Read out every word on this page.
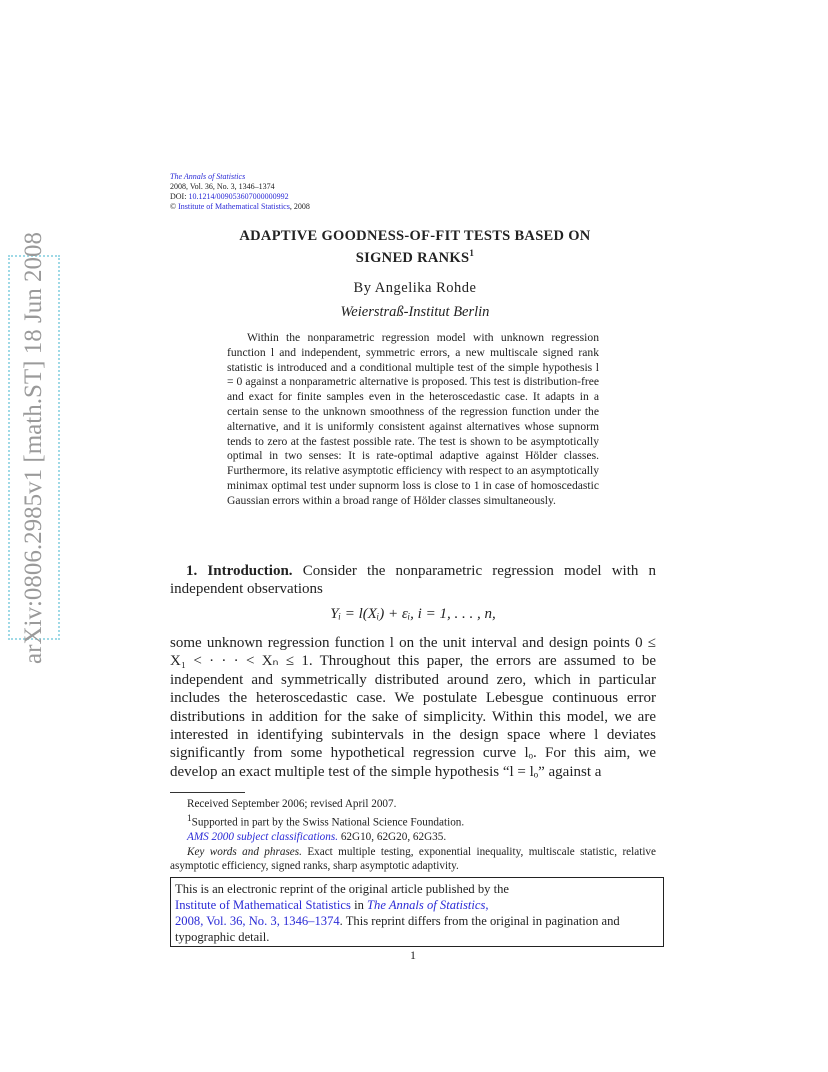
arXiv:0806.2985v1 [math.ST] 18 Jun 2008
The Annals of Statistics
2008, Vol. 36, No. 3, 1346–1374
DOI: 10.1214/009053607000000992
© Institute of Mathematical Statistics, 2008
ADAPTIVE GOODNESS-OF-FIT TESTS BASED ON
SIGNED RANKS$^1$
By Angelika Rohde
Weierstraß-Institut Berlin
Within the nonparametric regression model with unknown regression function l and independent, symmetric errors, a new multiscale signed rank statistic is introduced and a conditional multiple test of the simple hypothesis l = 0 against a nonparametric alternative is proposed. This test is distribution-free and exact for finite samples even in the heteroscedastic case. It adapts in a certain sense to the unknown smoothness of the regression function under the alternative, and it is uniformly consistent against alternatives whose supnorm tends to zero at the fastest possible rate. The test is shown to be asymptotically optimal in two senses: It is rate-optimal adaptive against Hölder classes. Furthermore, its relative asymptotic efficiency with respect to an asymptotically minimax optimal test under supnorm loss is close to 1 in case of homoscedastic Gaussian errors within a broad range of Hölder classes simultaneously.
1. Introduction. Consider the nonparametric regression model with n independent observations
Yᵢ = l(Xᵢ) + εᵢ, i = 1, . . . , n,
some unknown regression function l on the unit interval and design points 0 ≤ X₁ < · · · < Xₙ ≤ 1. Throughout this paper, the errors are assumed to be independent and symmetrically distributed around zero, which in particular includes the heteroscedastic case. We postulate Lebesgue continuous error distributions in addition for the sake of simplicity. Within this model, we are interested in identifying subintervals in the design space where l deviates significantly from some hypothetical regression curve lₒ. For this aim, we develop an exact multiple test of the simple hypothesis “l = lₒ” against a
Received September 2006; revised April 2007.
$^1$Supported in part by the Swiss National Science Foundation.
AMS 2000 subject classifications. 62G10, 62G20, 62G35.
Key words and phrases. Exact multiple testing, exponential inequality, multiscale statistic, relative asymptotic efficiency, signed ranks, sharp asymptotic adaptivity.
This is an electronic reprint of the original article published by the
Institute of Mathematical Statistics in The Annals of Statistics,
2008, Vol. 36, No. 3, 1346–1374. This reprint differs from the original in pagination and typographic detail.
1
